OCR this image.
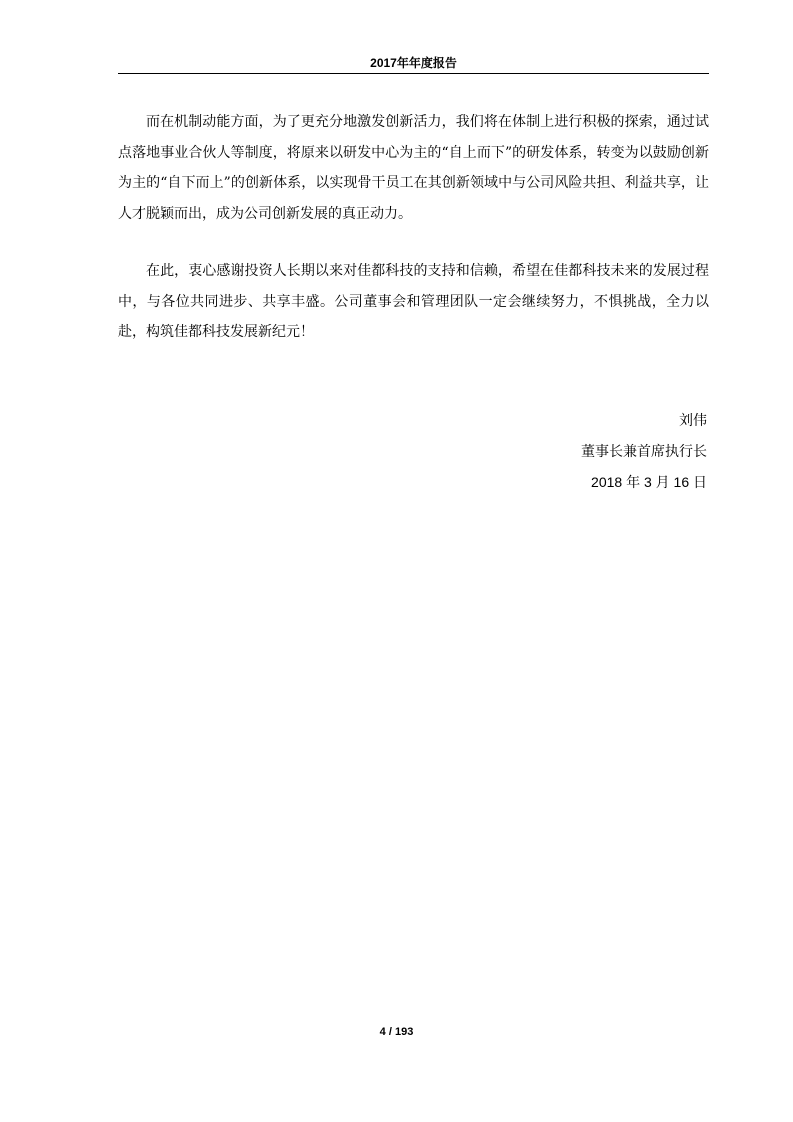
2017年年度报告

而在机制动能方面，为了更充分地激发创新活力，我们将在体制上进行积极的探索，通过试点落地事业合伙人等制度，将原来以研发中心为主的“自上而下”的研发体系，转变为以鼓励创新为主的“自下而上”的创新体系，以实现骨干员工在其创新领域中与公司风险共担、利益共享，让人才脱颖而出，成为公司创新发展的真正动力。

在此，衷心感谢投资人长期以来对佳都科技的支持和信赖，希望在佳都科技未来的发展过程中，与各位共同进步、共享丰盛。公司董事会和管理团队一定会继续努力，不惧挑战，全力以赴，构筑佳都科技发展新纪元！

刘伟
董事长兼首席执行长
2018 年 3 月 16 日
4 / 193
